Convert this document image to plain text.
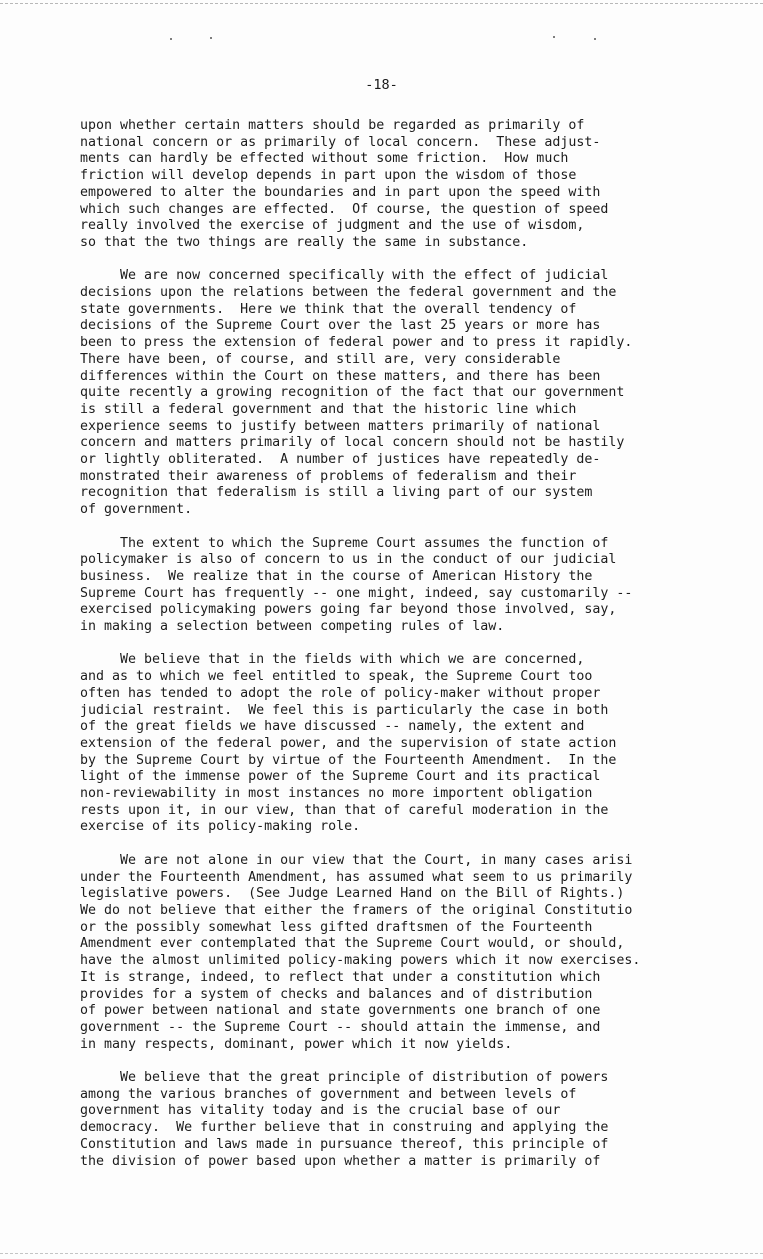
-18-

upon whether certain matters should be regarded as primarily of
national concern or as primarily of local concern.  These adjust-
ments can hardly be effected without some friction.  How much
friction will develop depends in part upon the wisdom of those
empowered to alter the boundaries and in part upon the speed with
which such changes are effected.  Of course, the question of speed
really involved the exercise of judgment and the use of wisdom,
so that the two things are really the same in substance.

We are now concerned specifically with the effect of judicial
decisions upon the relations between the federal government and the
state governments.  Here we think that the overall tendency of
decisions of the Supreme Court over the last 25 years or more has
been to press the extension of federal power and to press it rapidly.
There have been, of course, and still are, very considerable
differences within the Court on these matters, and there has been
quite recently a growing recognition of the fact that our government
is still a federal government and that the historic line which
experience seems to justify between matters primarily of national
concern and matters primarily of local concern should not be hastily
or lightly obliterated.  A number of justices have repeatedly de-
monstrated their awareness of problems of federalism and their
recognition that federalism is still a living part of our system
of government.

The extent to which the Supreme Court assumes the function of
policymaker is also of concern to us in the conduct of our judicial
business.  We realize that in the course of American History the
Supreme Court has frequently -- one might, indeed, say customarily --
exercised policymaking powers going far beyond those involved, say,
in making a selection between competing rules of law.

We believe that in the fields with which we are concerned,
and as to which we feel entitled to speak, the Supreme Court too
often has tended to adopt the role of policy-maker without proper
judicial restraint.  We feel this is particularly the case in both
of the great fields we have discussed -- namely, the extent and
extension of the federal power, and the supervision of state action
by the Supreme Court by virtue of the Fourteenth Amendment.  In the
light of the immense power of the Supreme Court and its practical
non-reviewability in most instances no more importent obligation
rests upon it, in our view, than that of careful moderation in the
exercise of its policy-making role.

We are not alone in our view that the Court, in many cases arisi
under the Fourteenth Amendment, has assumed what seem to us primarily
legislative powers.  (See Judge Learned Hand on the Bill of Rights.)
We do not believe that either the framers of the original Constitutio
or the possibly somewhat less gifted draftsmen of the Fourteenth
Amendment ever contemplated that the Supreme Court would, or should,
have the almost unlimited policy-making powers which it now exercises.
It is strange, indeed, to reflect that under a constitution which
provides for a system of checks and balances and of distribution
of power between national and state governments one branch of one
government -- the Supreme Court -- should attain the immense, and
in many respects, dominant, power which it now yields.

We believe that the great principle of distribution of powers
among the various branches of government and between levels of
government has vitality today and is the crucial base of our
democracy.  We further believe that in construing and applying the
Constitution and laws made in pursuance thereof, this principle of
the division of power based upon whether a matter is primarily of
